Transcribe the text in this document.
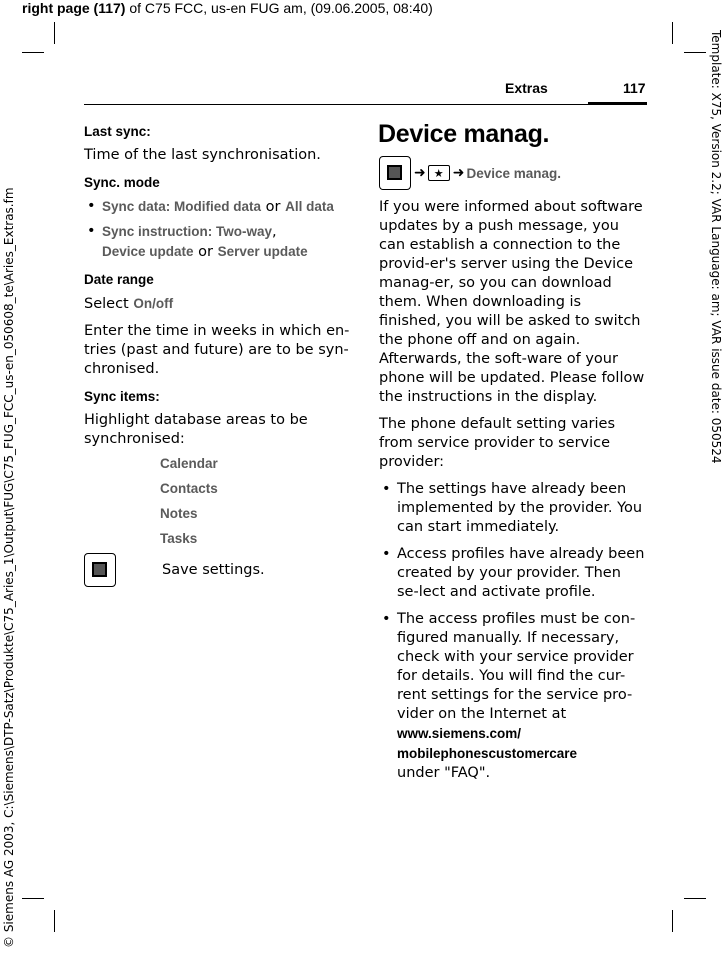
right page (117) of C75 FCC, us-en FUG am, (09.06.2005, 08:40)
© Siemens AG 2003, C:\Siemens\DTP-Satz\Produkte\C75_Aries_1\Output\FUG\C75_FUG_FCC_us-en_050608_te\Aries_Extras.fm	Template: X75, Version 2.2; VAR Language: am; VAR issue date: 050524
Extras	117
Last sync:
Time of the last synchronisation.
Sync. mode
• Sync data: Modified data or All data
• Sync instruction: Two-way,
Device update or Server update
Date range
Select On/off
Enter the time in weeks in which en-tries (past and future) are to be syn-chronised.
Sync items:
Highlight database areas to be synchronised:
Calendar
Contacts
Notes
Tasks
Save settings.
Device manag.
➜ ★ ➜ Device manag.
If you were informed about software updates by a push message, you can establish a connection to the provid-er's server using the Device manag-er, so you can download them. When downloading is finished, you will be asked to switch the phone off and on again. Afterwards, the soft-ware of your phone will be updated. Please follow the instructions in the display.
The phone default setting varies from service provider to service provider:
• The settings have already been implemented by the provider. You can start immediately.
• Access profiles have already been created by your provider. Then se-lect and activate profile.
• The access profiles must be con-figured manually. If necessary, check with your service provider for details. You will find the cur-rent settings for the service pro-vider on the Internet at
www.siemens.com/
mobilephonescustomercare
under "FAQ".
